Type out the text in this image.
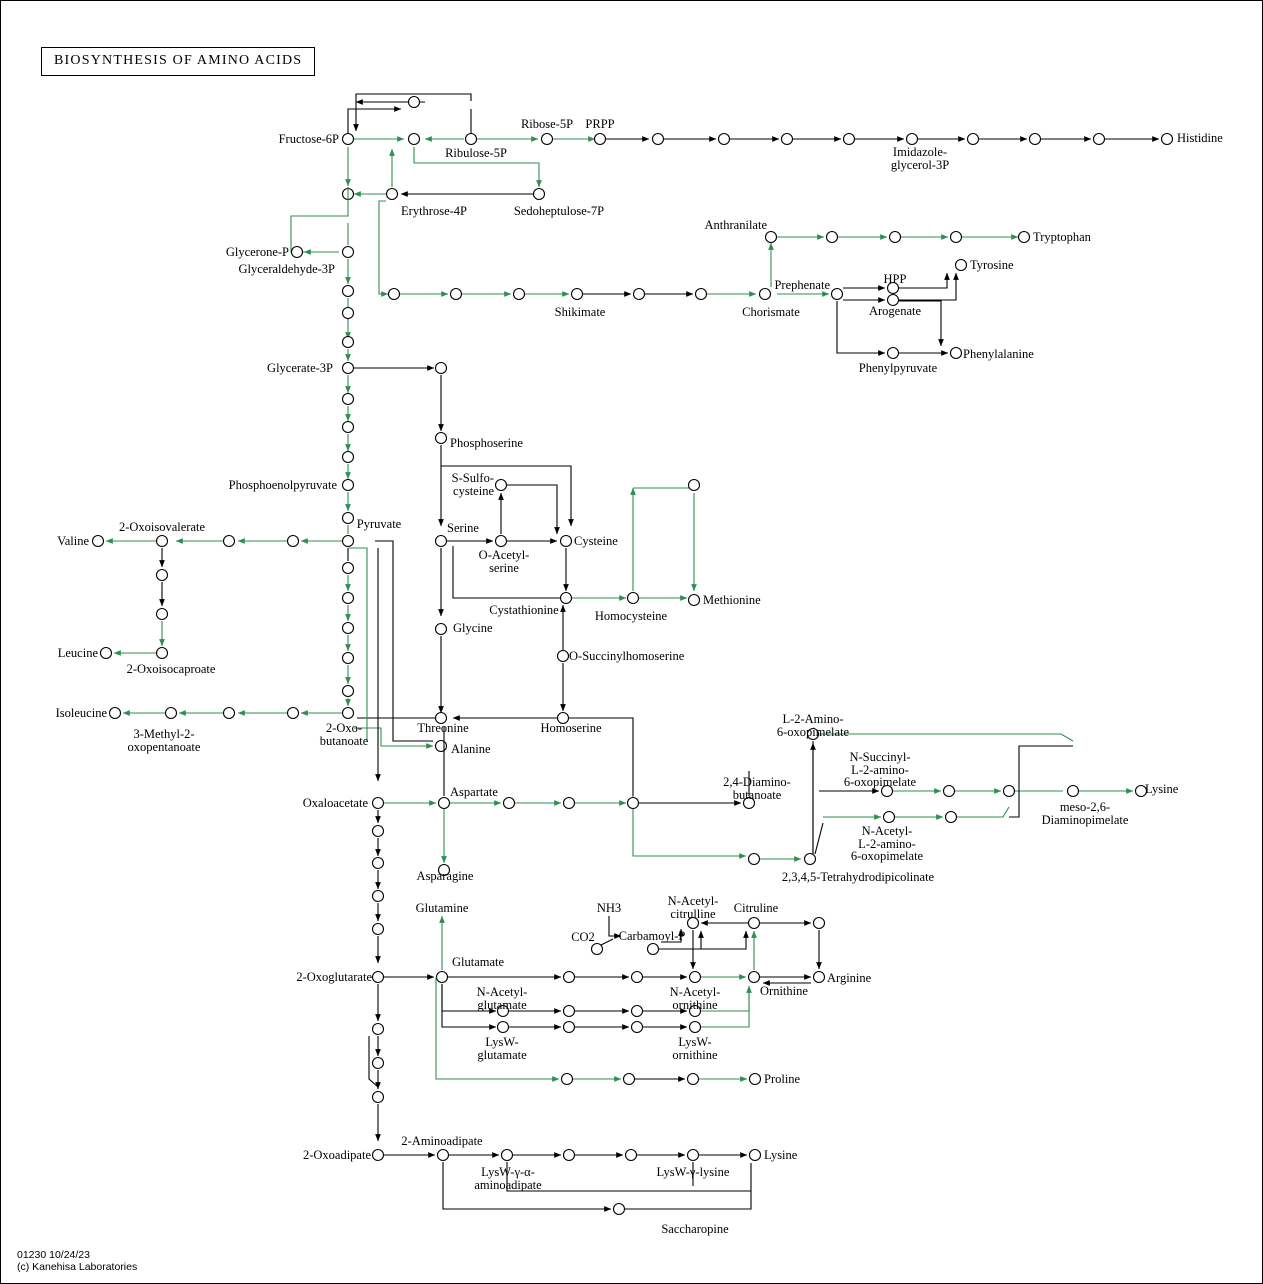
BIOSYNTHESIS OF AMINO ACIDS
Fructose-6P
Ribulose-5P
Ribose-5P PRPP
Imidazole-
glycerol-3P
Histidine
Erythrose-4P	Sedoheptulose-7P
Glycerone-P
Glyceraldehyde-3P
Shikimate	Chorismate
Anthranilate
Tryptophan
Prephenate	HPP
Arogenate
Tyrosine
Phenylalanine
Phenylpyruvate
Glycerate-3P
Phosphoserine
S-Sulfo-
cysteine
Phosphoenolpyruvate
2-Oxoisovalerate
Valine
Pyruvate	Serine
Cysteine
O-Acetyl-
serine
Methionine
Cystathionine	Homocysteine
Glycine
Leucine
2-Oxoisocaproate
O-Succinylhomoserine
Isoleucine
3-Methyl-2-
oxopentanoate
2-Oxo-
butanoate
Threonine	Homoserine
Alanine
L-2-Amino-
6-oxopimelate
N-Succinyl-
L-2-amino-
6-oxopimelate
2,4-Diamino-
butanoate
Oxaloacetate
Aspartate	Lysine
meso-2,6-
Diaminopimelate
N-Acetyl-
L-2-amino-
6-oxopimelate
Asparagine	2,3,4,5-Tetrahydrodipicolinate
Glutamine	NH3	N-Acetyl-
citrulline Citruline
CO2 Carbamoyl-P
2-Oxoglutarate
Glutamate
Ornithine
Arginine
N-Acetyl-
glutamate
N-Acetyl-
ornithine
LysW-
glutamate
LysW-
ornithine
Proline
2-Aminoadipate
2-Oxoadipate	Lysine
LysW-γ-α-
aminoadipate
LysW-γ-lysine
Saccharopine
01230 10/24/23
(c) Kanehisa Laboratories
